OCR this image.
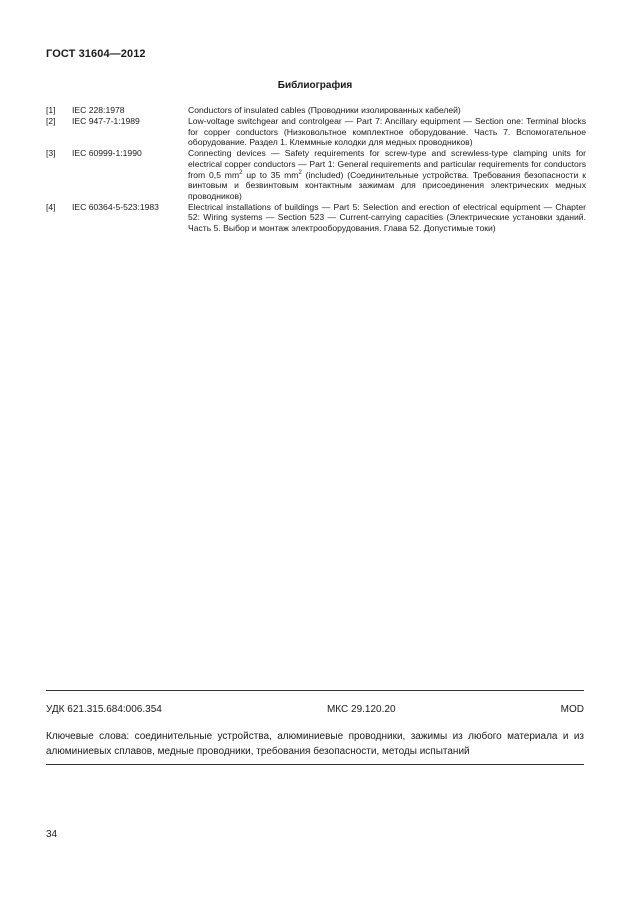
ГОСТ 31604—2012
Библиография
[1]	IEC 228:1978	Conductors of insulated cables (Проводники изолированных кабелей)
[2]	IEC 947-7-1:1989	Low-voltage switchgear and controlgear — Part 7: Ancillary equipment — Section one: Terminal blocks for copper conductors (Низковольтное комплектное оборудование. Часть 7. Вспомогательное оборудование. Раздел 1. Клеммные колодки для медных проводников)
[3]	IEC 60999-1:1990	Connecting devices — Safety requirements for screw-type and screwless-type clamping units for electrical copper conductors — Part 1: General requirements and particular requirements for conductors from 0,5 $mm^2$ up to 35 $mm^2$ (included) (Соединительные устройства. Требования безопасности к винтовым и безвинтовым контактным зажимам для присоединения электрических медных проводников)
[4]	IEC 60364-5-523:1983	Electrical installations of buildings — Part 5: Selection and erection of electrical equipment — Chapter 52: Wiring systems — Section 523 — Current-carrying capacities (Электрические установки зданий. Часть 5. Выбор и монтаж электрооборудования. Глава 52. Допустимые токи)
УДК 621.315.684:006.354	МКС 29.120.20	MOD
Ключевые слова: соединительные устройства, алюминиевые проводники, зажимы из любого материала и из алюминиевых сплавов, медные проводники, требования безопасности, методы испытаний
34
